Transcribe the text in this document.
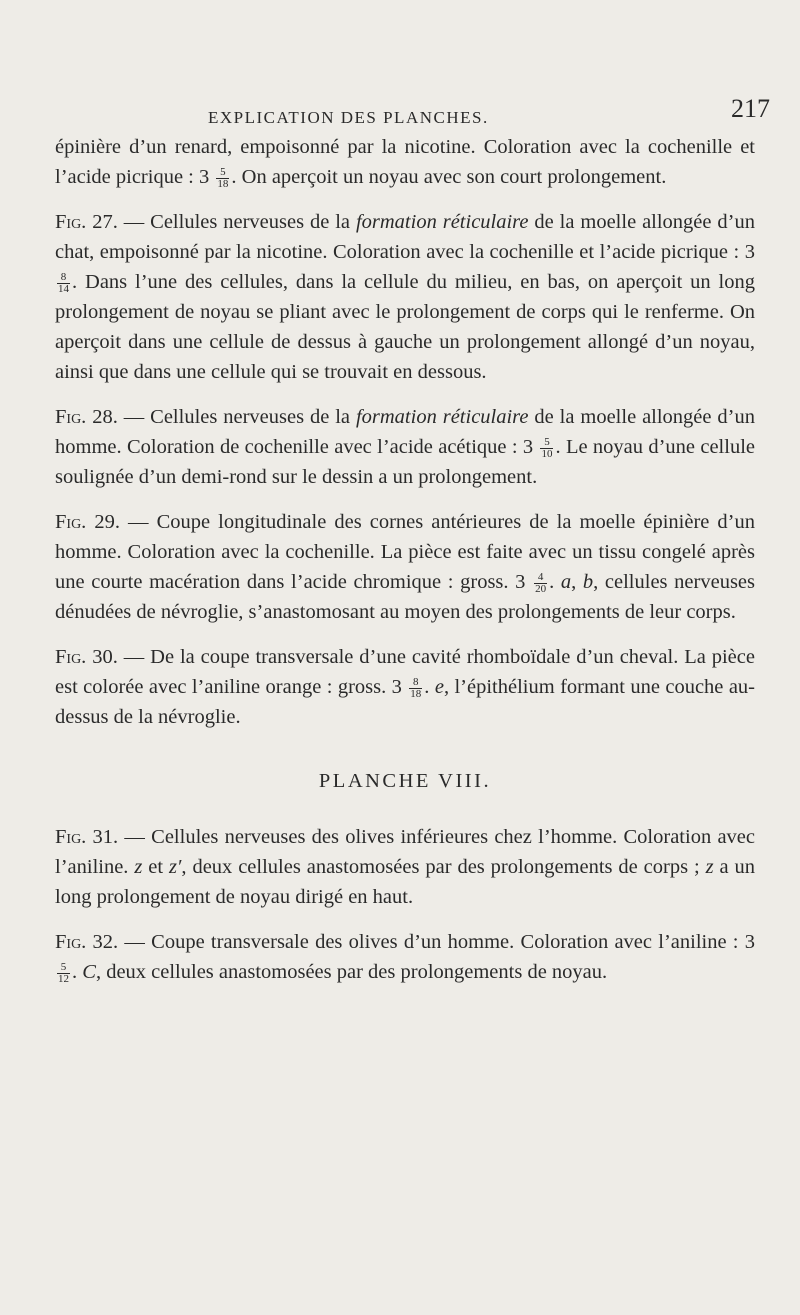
EXPLICATION DES PLANCHES.	217

épinière d’un renard, empoisonné par la nicotine. Coloration avec la cochenille et l’acide picrique : $3 \frac{5}{18}$ . On aperçoit un noyau avec son court prolongement.

Fig. 27. — Cellules nerveuses de la formation réticulaire de la moelle allongée d’un chat, empoisonné par la nicotine. Coloration avec la cochenille et l’acide picrique : 3
$\frac{8}{14}$ . Dans l’une des cellules, dans la cellule du milieu, en bas, on aperçoit un long prolongement de noyau se pliant avec le prolongement de corps qui le renferme. On aperçoit dans une cellule de dessus à gauche un prolongement allongé d’un noyau, ainsi que dans une cellule qui se trouvait en dessous.

Fig. 28. — Cellules nerveuses de la formation réticulaire de la moelle allongée d’un homme. Coloration de cochenille avec l’acide acétique : $3 \frac{5}{10}$ . Le noyau d’une cellule soulignée d’un demi-rond sur le dessin a un prolongement.

Fig. 29. — Coupe longitudinale des cornes antérieures de la moelle épinière d’un homme. Coloration avec la cochenille. La pièce est faite avec un tissu congelé après une courte macération dans l’acide chromique : gross. $3 \frac{4}{20}$ . a, b, cellules nerveuses dénudées de névroglie, s’anastomosant au moyen des prolongements de leur corps.

Fig. 30. — De la coupe transversale d’une cavité rhomboïdale d’un cheval. La pièce est colorée avec l’aniline orange : gross. $3 \frac{8}{18}$ . e, l’épithélium formant une couche au-dessus de la névroglie.

PLANCHE VIII.

Fig. 31. — Cellules nerveuses des olives inférieures chez l’homme. Coloration avec l’aniline. z et z′, deux cellules anastomosées par des prolongements de corps ; z a un long prolongement de noyau dirigé en haut.

Fig. 32. — Coupe transversale des olives d’un homme. Coloration avec l’aniline : 3
$\frac{5}{12}$ . C, deux cellules anastomosées par des prolongements de noyau.
